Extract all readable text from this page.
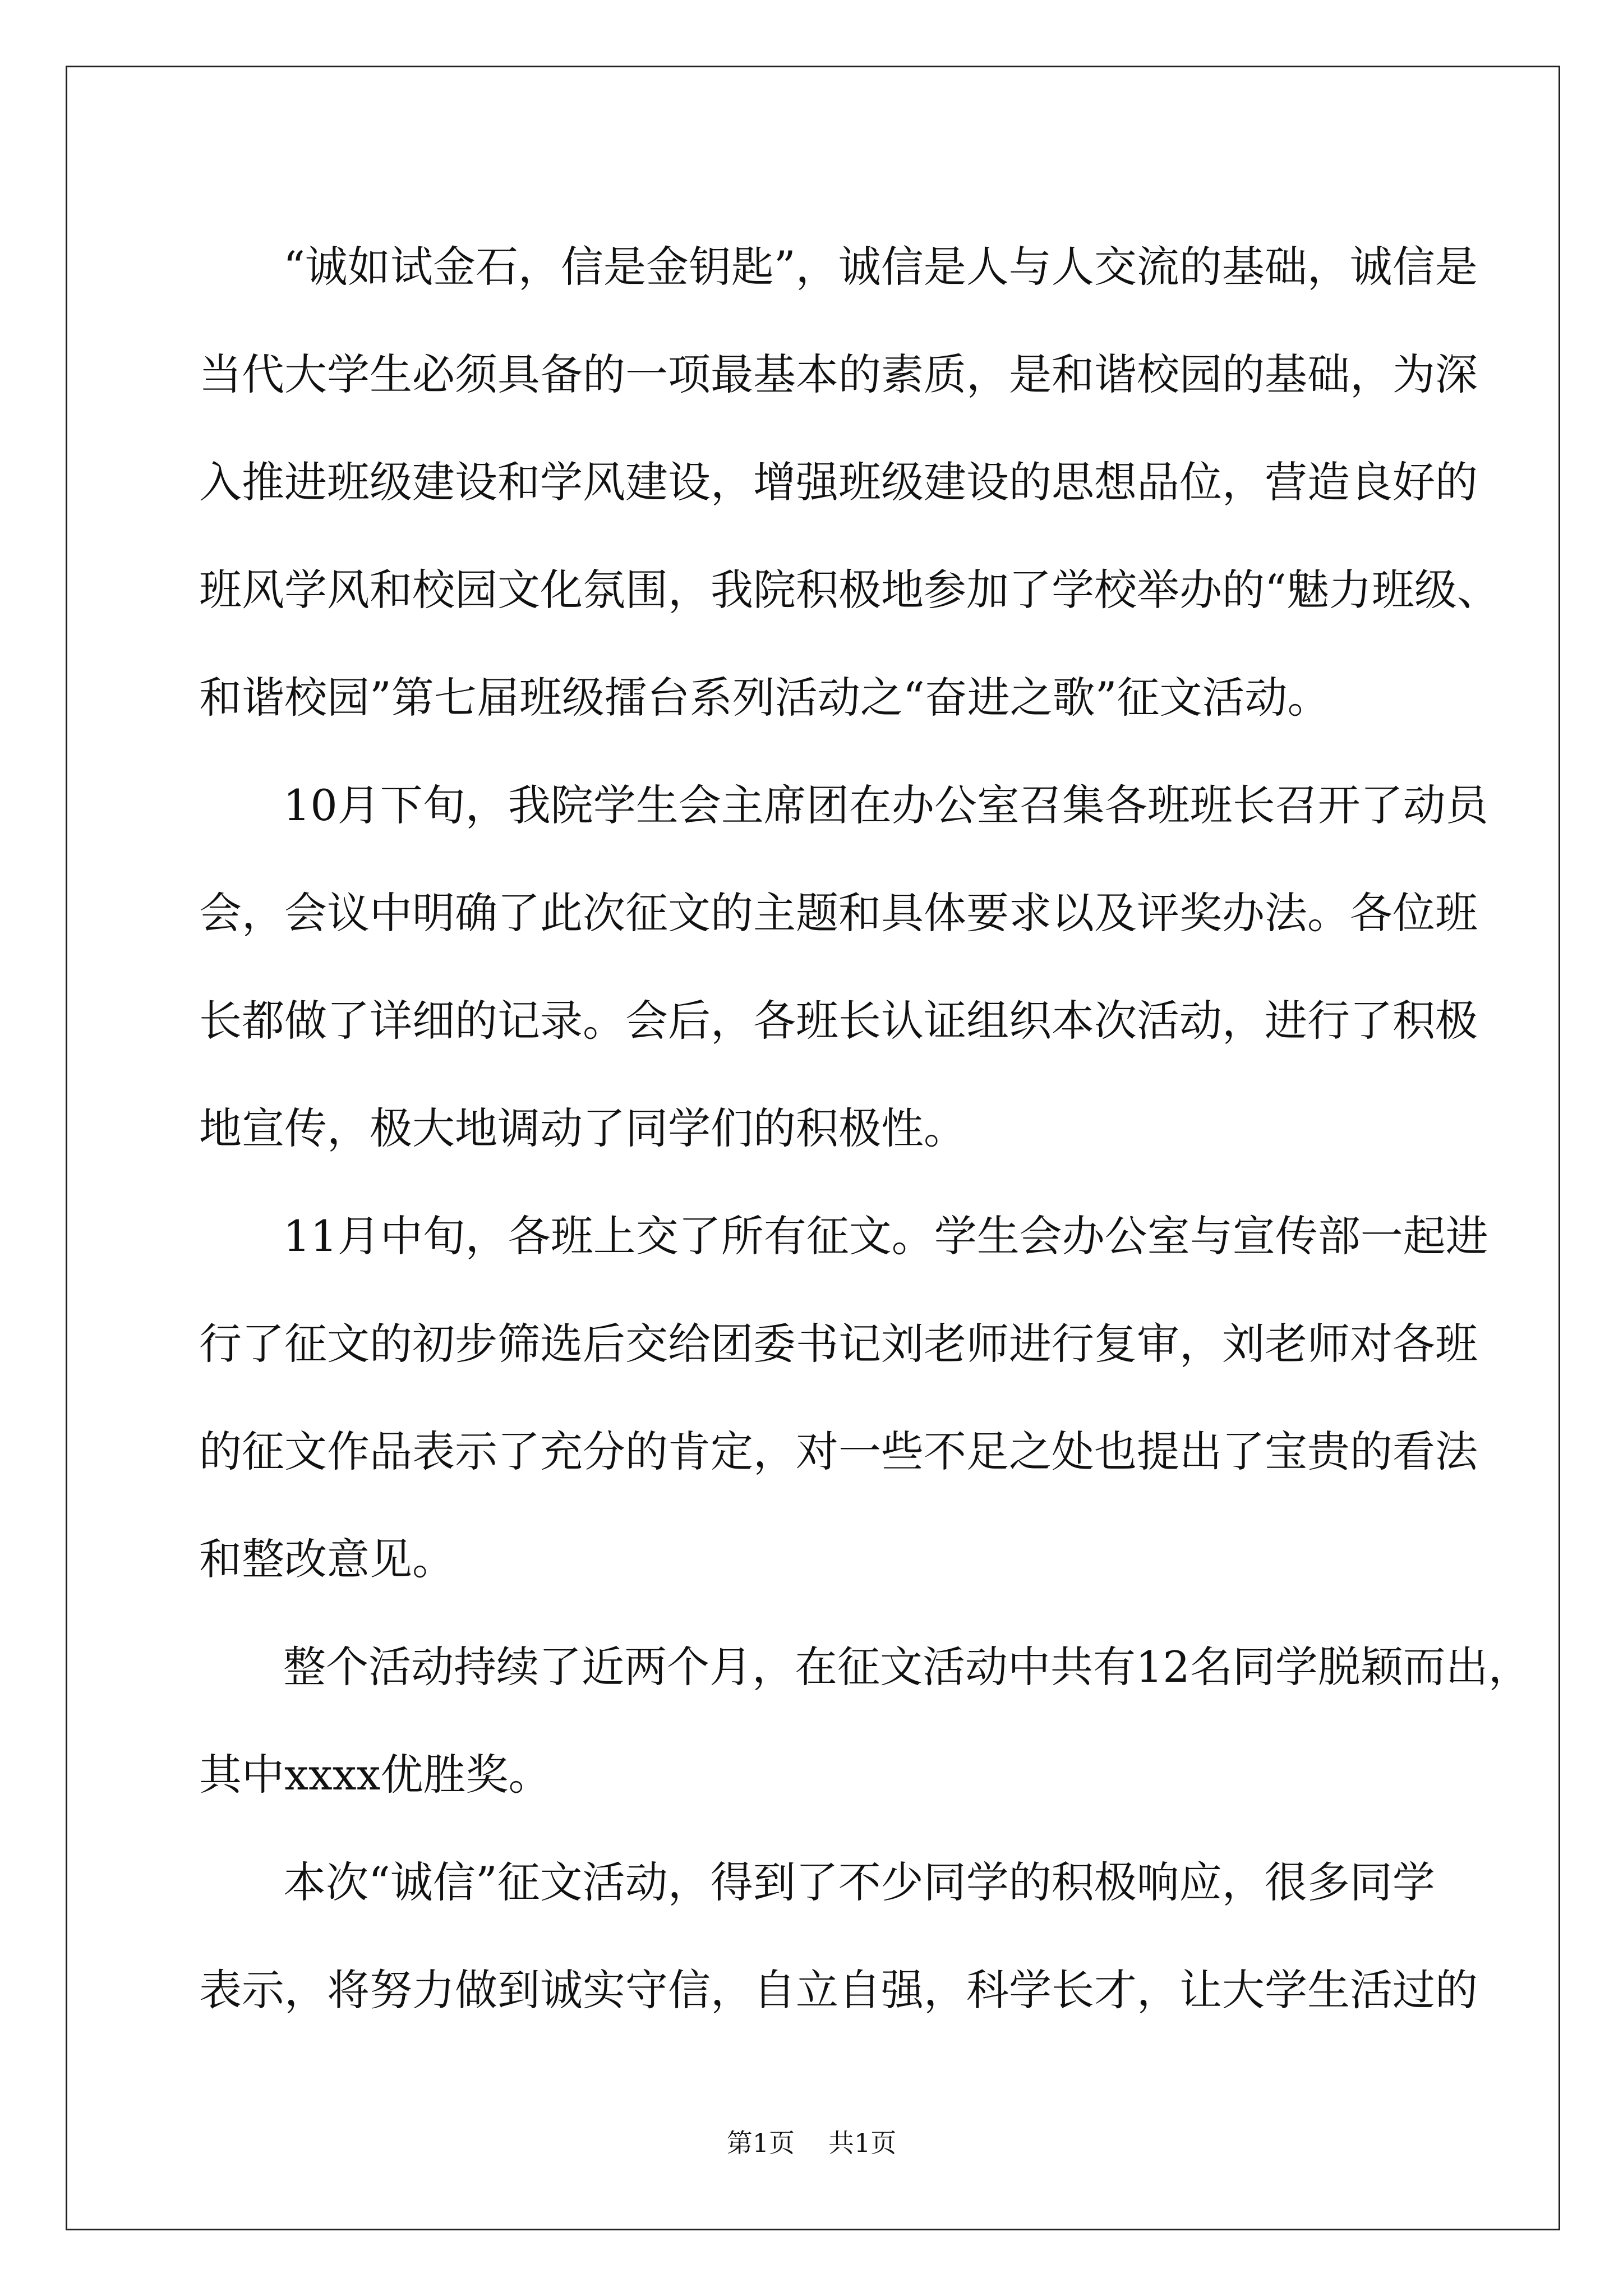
“诚如试金石，信是金钥匙”，诚信是人与人交流的基础，诚信是
当代大学生必须具备的一项最基本的素质，是和谐校园的基础，为深
入推进班级建设和学风建设，增强班级建设的思想品位，营造良好的
班风学风和校园文化氛围，我院积极地参加了学校举办的“魅力班级、
和谐校园”第七届班级擂台系列活动之“奋进之歌”征文活动。
10月下旬，我院学生会主席团在办公室召集各班班长召开了动员
会，会议中明确了此次征文的主题和具体要求以及评奖办法。各位班
长都做了详细的记录。会后，各班长认证组织本次活动，进行了积极
地宣传，极大地调动了同学们的积极性。
11月中旬，各班上交了所有征文。学生会办公室与宣传部一起进
行了征文的初步筛选后交给团委书记刘老师进行复审，刘老师对各班
的征文作品表示了充分的肯定，对一些不足之处也提出了宝贵的看法
和整改意见。
整个活动持续了近两个月，在征文活动中共有12名同学脱颖而出，
其中xxxx优胜奖。
本次“诚信”征文活动，得到了不少同学的积极响应，很多同学
表示，将努力做到诚实守信，自立自强，科学长才，让大学生活过的
第1页 共1页
